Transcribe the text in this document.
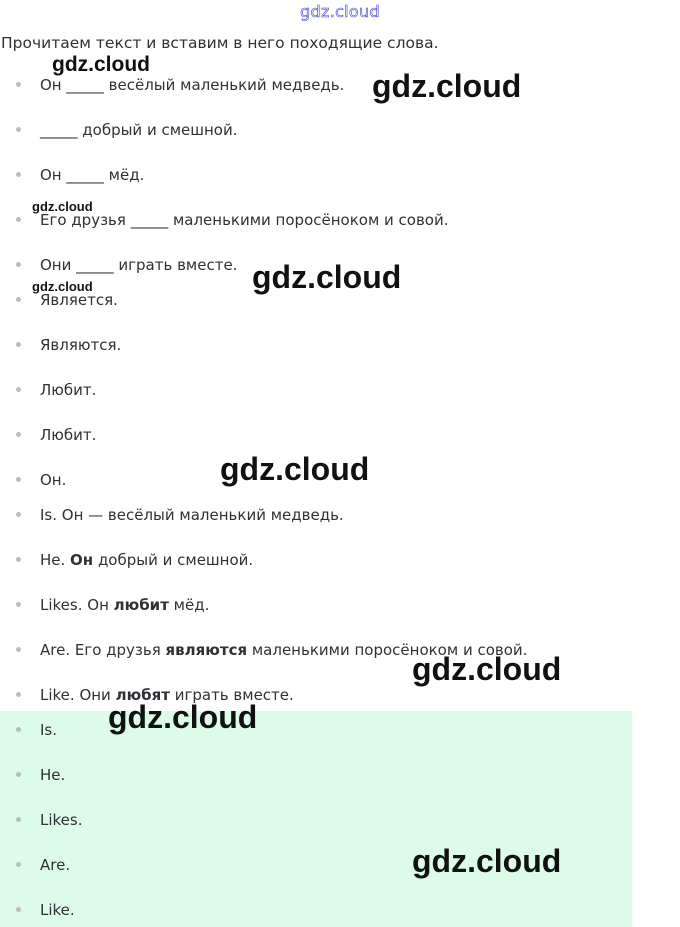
gdz.cloud
Прочитаем текст и вставим в него походящие слова.
Он _____ весёлый маленький медведь.
_____ добрый и смешной.
Он _____ мёд.
Его друзья _____ маленькими поросёноком и совой.
Они _____ играть вместе.
Является.
Являются.
Любит.
Любит.
Он.
Is. Он — весёлый маленький медведь.
He. Он добрый и смешной.
Likes. Он любит мёд.
Are. Его друзья являются маленькими поросёноком и совой.
Like. Они любят играть вместе.
Is.
He.
Likes.
Are.
Like.
gdz.cloud
gdz.cloud
gdz.cloud
gdz.cloud	gdz.cloud
gdz.cloud
gdz.cloud
gdz.cloud
gdz.cloud
